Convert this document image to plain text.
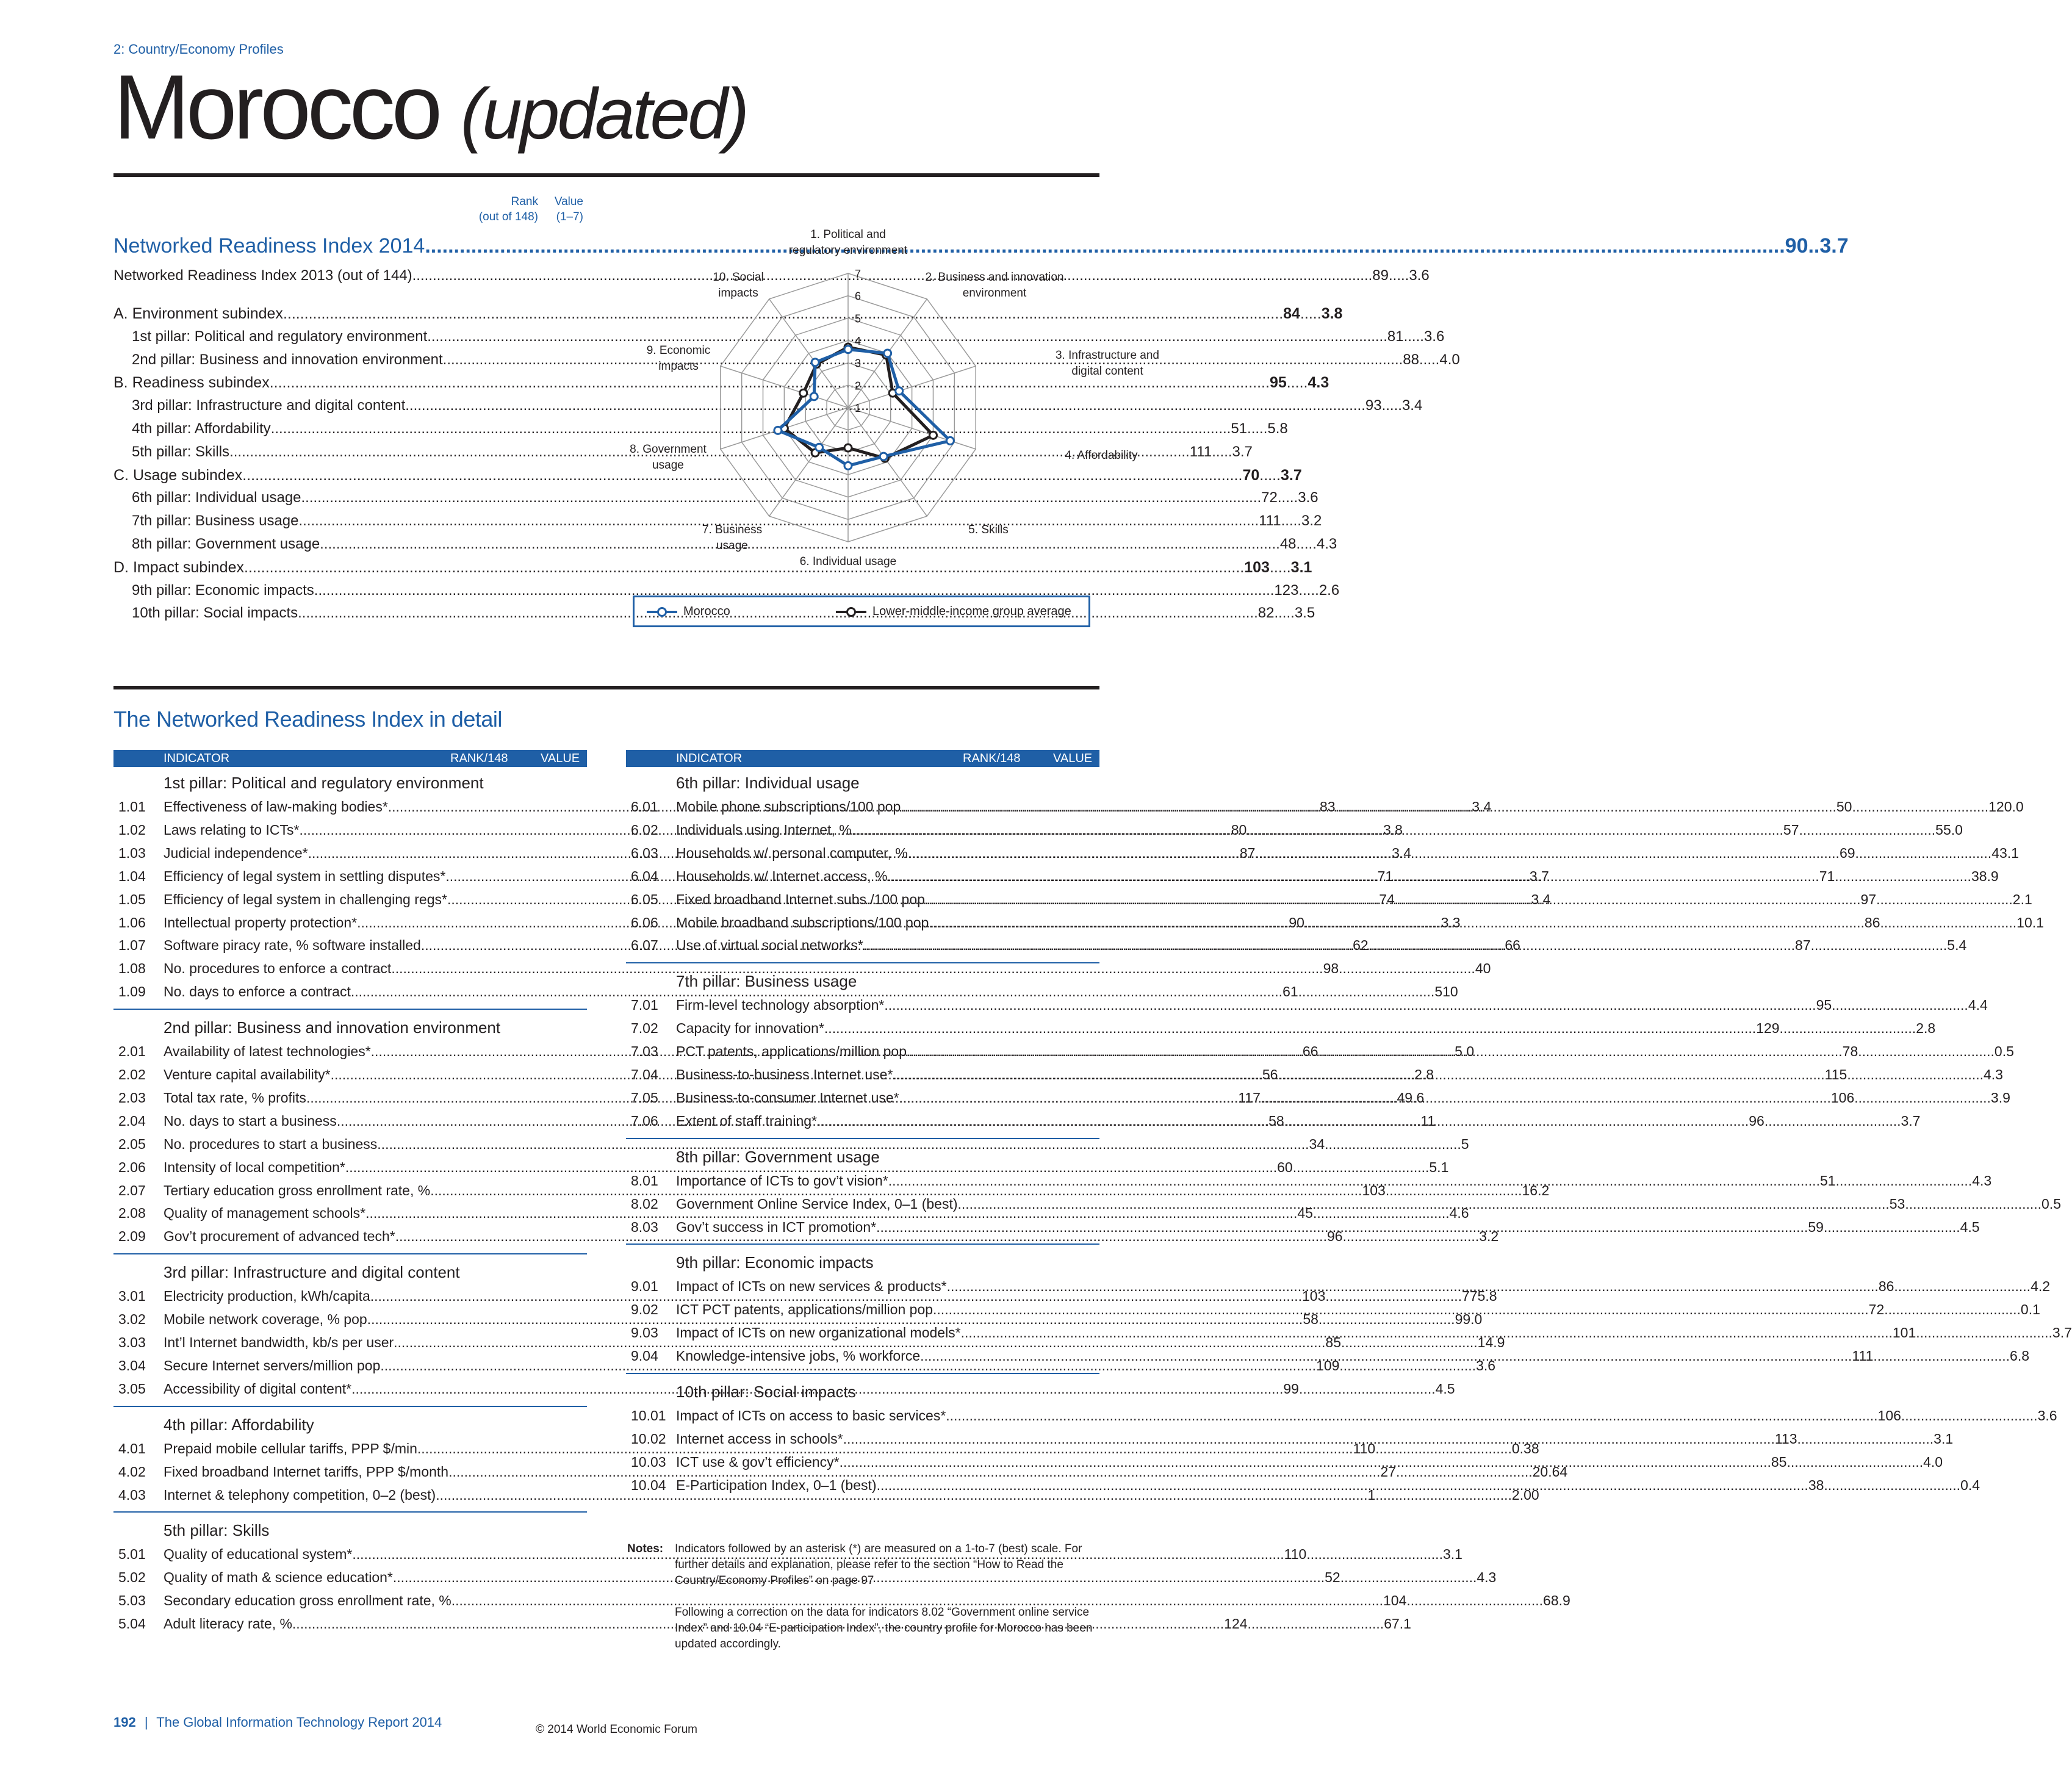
2: Country/Economy Profiles
Morocco (updated)
Rank
(out of 148)
Value
(1–7)
Networked Readiness Index 2014 .....	90 .. 3.7
Networked Readiness Index 2013 (out of 144) .....	89 ..... 3.6
A. Environment subindex .....	84 ..... 3.8
1st pillar: Political and regulatory environment .....	81 ..... 3.6
2nd pillar: Business and innovation environment .....	88 ..... 4.0
B. Readiness subindex .....	95 ..... 4.3
3rd pillar: Infrastructure and digital content .....	93 ..... 3.4
4th pillar: Affordability .....	51 ..... 5.8
5th pillar: Skills .....	111 ..... 3.7
C. Usage subindex .....	70 ..... 3.7
6th pillar: Individual usage .....	72 ..... 3.6
7th pillar: Business usage .....	111 ..... 3.2
8th pillar: Government usage .....	48 ..... 4.3
D. Impact subindex .....	103 ..... 3.1
9th pillar: Economic impacts .....	123 ..... 2.6
10th pillar: Social impacts .....	82 ..... 3.5
1
2
3
4
5
6
7
1. Political and regulatory environment
2. Business and innovation environment
3. Infrastructure and digital content
4. Affordability
5. Skills
6. Individual usage
7. Business usage
8. Government usage
9. Economic impacts
10. Social impacts
Morocco	Lower-middle-income group average
The Networked Readiness Index in detail
INDICATOR	RANK/148	VALUE	INDICATOR	RANK/148	VALUE
1st pillar: Political and regulatory environment
1.01 Effectiveness of law-making bodies* .....	83 .....	3.4
1.02 Laws relating to ICTs* .....	80 .....	3.8
1.03 Judicial independence* .....	87 .....	3.4
1.04 Efficiency of legal system in settling disputes* .....	71 .....	3.7
1.05 Efficiency of legal system in challenging regs* .....	74 .....	3.4
1.06 Intellectual property protection* .....	90 .....	3.3
1.07 Software piracy rate, % software installed .....	62 .....	66
1.08 No. procedures to enforce a contract .....	98 .....	40
1.09 No. days to enforce a contract .....	61 .....	510
2nd pillar: Business and innovation environment
2.01 Availability of latest technologies* .....	66 .....	5.0
2.02 Venture capital availability* .....	56 .....	2.8
2.03 Total tax rate, % profits .....	117 .....	49.6
2.04 No. days to start a business .....	58 .....	11
2.05 No. procedures to start a business .....	34 .....	5
2.06 Intensity of local competition* .....	60 .....	5.1
2.07 Tertiary education gross enrollment rate, % .....	103 .....	16.2
2.08 Quality of management schools* .....	45 .....	4.6
2.09 Gov’t procurement of advanced tech* .....	96 .....	3.2
3rd pillar: Infrastructure and digital content
3.01 Electricity production, kWh/capita .....	103 .....	775.8
3.02 Mobile network coverage, % pop. .....	58 .....	99.0
3.03 Int’l Internet bandwidth, kb/s per user .....	85 .....	14.9
3.04 Secure Internet servers/million pop. .....	109 .....	3.6
3.05 Accessibility of digital content* .....	99 .....	4.5
4th pillar: Affordability
4.01 Prepaid mobile cellular tariffs, PPP $/min. .....	110 .....	0.38
4.02 Fixed broadband Internet tariffs, PPP $/month .....	27 .....	20.64
4.03 Internet & telephony competition, 0–2 (best) .....	1 .....	2.00
5th pillar: Skills
5.01 Quality of educational system* .....	110 .....	3.1
5.02 Quality of math & science education* .....	52 .....	4.3
5.03 Secondary education gross enrollment rate, % .....	104 .....	68.9
5.04 Adult literacy rate, % .....	124 .....	67.1
6th pillar: Individual usage
6.01 Mobile phone subscriptions/100 pop. .....	50 .....	120.0
6.02 Individuals using Internet, % .....	57 .....	55.0
6.03 Households w/ personal computer, % .....	69 .....	43.1
6.04 Households w/ Internet access, % .....	71 .....	38.9
6.05 Fixed broadband Internet subs./100 pop. .....	97 .....	2.1
6.06 Mobile broadband subscriptions/100 pop. .....	86 .....	10.1
6.07 Use of virtual social networks* .....	87 .....	5.4
7th pillar: Business usage
7.01 Firm-level technology absorption* .....	95 .....	4.4
7.02 Capacity for innovation* .....	129 .....	2.8
7.03 PCT patents, applications/million pop. .....	78 .....	0.5
7.04 Business-to-business Internet use* .....	115 .....	4.3
7.05 Business-to-consumer Internet use* .....	106 .....	3.9
7.06 Extent of staff training* .....	96 .....	3.7
8th pillar: Government usage
8.01 Importance of ICTs to gov’t vision* .....	51 .....	4.3
8.02 Government Online Service Index, 0–1 (best) .....	53 .....	0.5
8.03 Gov’t success in ICT promotion* .....	59 .....	4.5
9th pillar: Economic impacts
9.01 Impact of ICTs on new services & products* .....	86 .....	4.2
9.02 ICT PCT patents, applications/million pop. .....	72 .....	0.1
9.03 Impact of ICTs on new organizational models* .....	101 .....	3.7
9.04 Knowledge-intensive jobs, % workforce .....	111 .....	6.8
10th pillar: Social impacts
10.01 Impact of ICTs on access to basic services* .....	106 .....	3.6
10.02 Internet access in schools* .....	113 .....	3.1
10.03 ICT use & gov’t efficiency* .....	85 .....	4.0
10.04 E-Participation Index, 0–1 (best) .....	38 .....	0.4
Notes: Indicators followed by an asterisk (*) are measured on a 1-to-7 (best) scale. For
further details and explanation, please refer to the section “How to Read the
Country/Economy Profiles” on page 97
Following a correction on the data for indicators 8.02 “Government online service
Index” and 10.04 “E-participation Index”, the country profile for Morocco has been
updated accordingly.
192 | The Global Information Technology Report 2014	© 2014 World Economic Forum
